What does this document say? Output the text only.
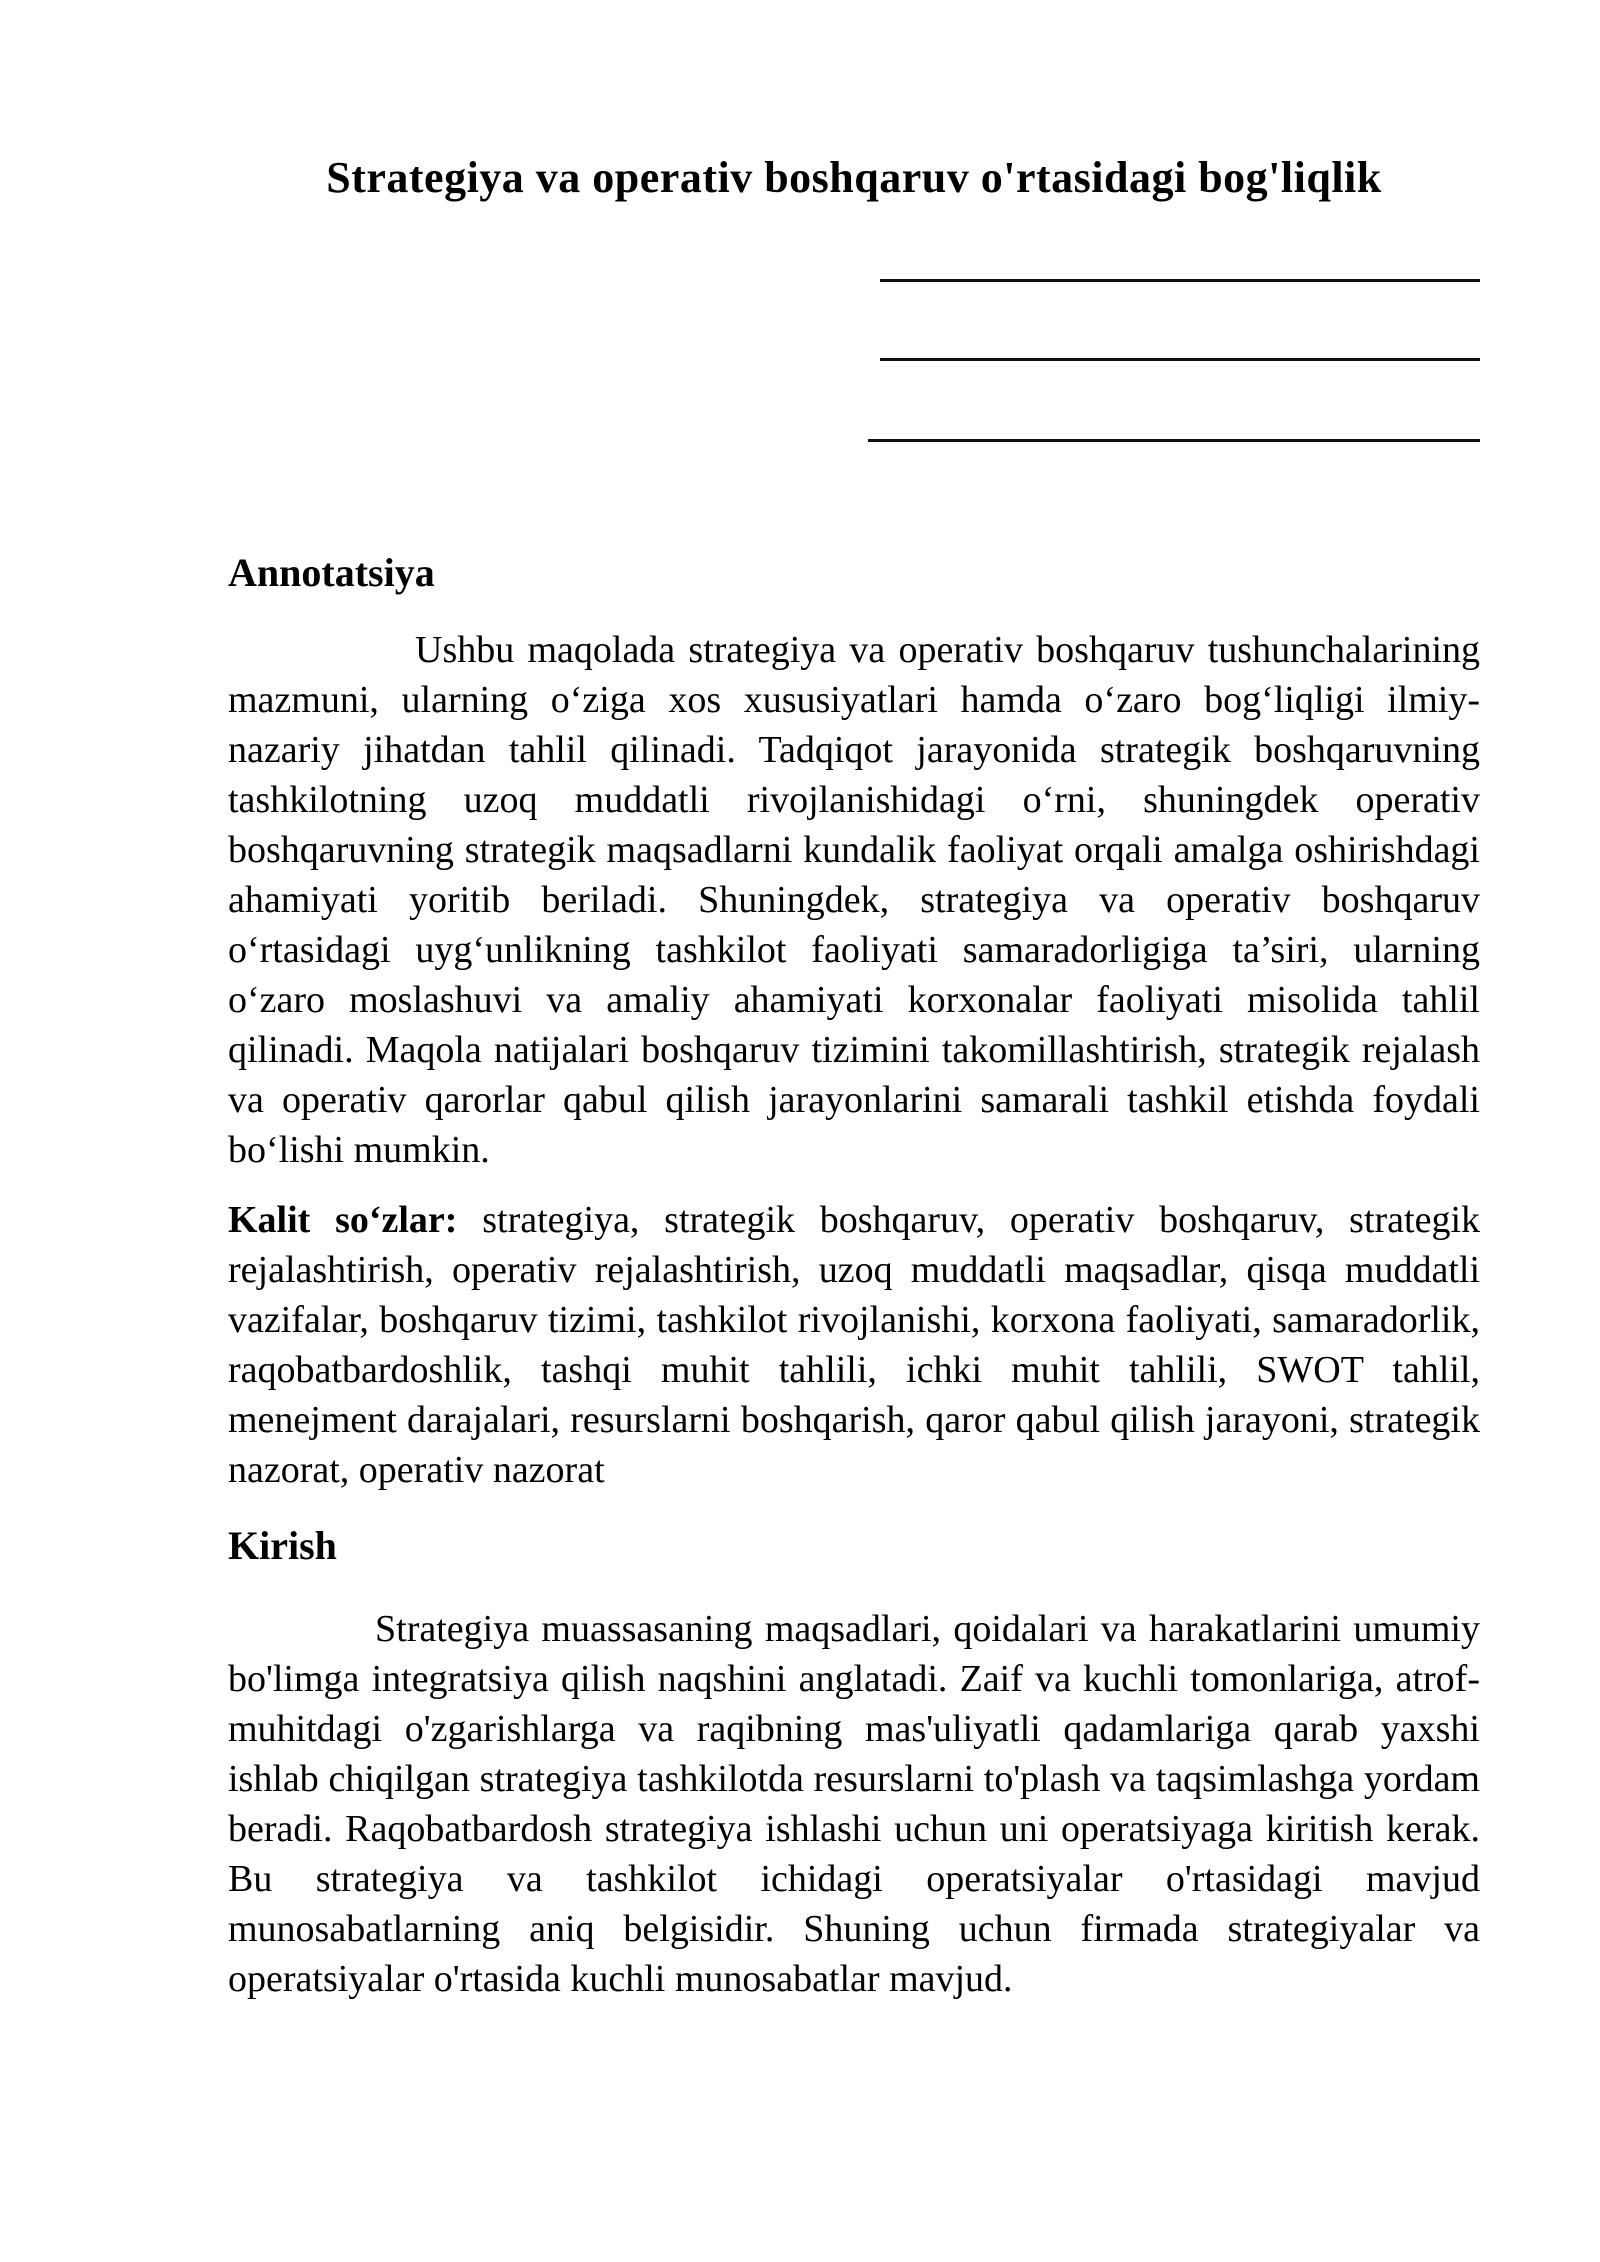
Strategiya va operativ boshqaruv o'rtasidagi bog'liqlik
Annotatsiya

Ushbu maqolada strategiya va operativ boshqaruv tushunchalarining mazmuni, ularning o‘ziga xos xususiyatlari hamda o‘zaro bog‘liqligi ilmiy-nazariy jihatdan tahlil qilinadi. Tadqiqot jarayonida strategik boshqaruvning tashkilotning uzoq muddatli rivojlanishidagi o‘rni, shuningdek operativ boshqaruvning strategik maqsadlarni kundalik faoliyat orqali amalga oshirishdagi ahamiyati yoritib beriladi. Shuningdek, strategiya va operativ boshqaruv o‘rtasidagi uyg‘unlikning tashkilot faoliyati samaradorligiga ta’siri, ularning o‘zaro moslashuvi va amaliy ahamiyati korxonalar faoliyati misolida tahlil qilinadi. Maqola natijalari boshqaruv tizimini takomillashtirish, strategik rejalash va operativ qarorlar qabul qilish jarayonlarini samarali tashkil etishda foydali bo‘lishi mumkin.

Kalit so‘zlar: strategiya, strategik boshqaruv, operativ boshqaruv, strategik rejalashtirish, operativ rejalashtirish, uzoq muddatli maqsadlar, qisqa muddatli vazifalar, boshqaruv tizimi, tashkilot rivojlanishi, korxona faoliyati, samaradorlik, raqobatbardoshlik, tashqi muhit tahlili, ichki muhit tahlili, SWOT tahlil, menejment darajalari, resurslarni boshqarish, qaror qabul qilish jarayoni, strategik nazorat, operativ nazorat

Kirish

Strategiya muassasaning maqsadlari, qoidalari va harakatlarini umumiy bo'limga integratsiya qilish naqshini anglatadi. Zaif va kuchli tomonlariga, atrof-muhitdagi o'zgarishlarga va raqibning mas'uliyatli qadamlariga qarab yaxshi ishlab chiqilgan strategiya tashkilotda resurslarni to'plash va taqsimlashga yordam beradi. Raqobatbardosh strategiya ishlashi uchun uni operatsiyaga kiritish kerak. Bu strategiya va tashkilot ichidagi operatsiyalar o'rtasidagi mavjud munosabatlarning aniq belgisidir. Shuning uchun firmada strategiyalar va operatsiyalar o'rtasida kuchli munosabatlar mavjud.
